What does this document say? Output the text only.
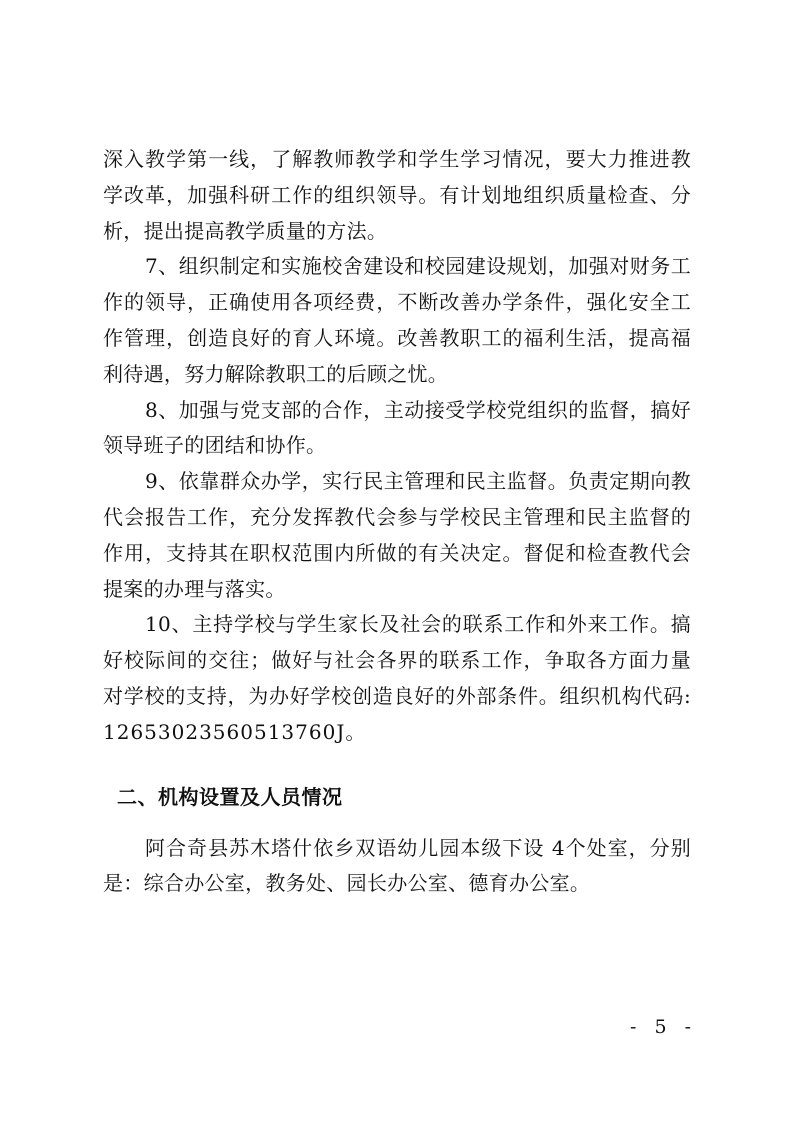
深入教学第一线，了解教师教学和学生学习情况，要大力推进教学改革，加强科研工作的组织领导。有计划地组织质量检查、分析，提出提高教学质量的方法。

7、组织制定和实施校舍建设和校园建设规划，加强对财务工作的领导，正确使用各项经费，不断改善办学条件，强化安全工作管理，创造良好的育人环境。改善教职工的福利生活，提高福利待遇，努力解除教职工的后顾之忧。

8、加强与党支部的合作，主动接受学校党组织的监督，搞好领导班子的团结和协作。

9、依靠群众办学，实行民主管理和民主监督。负责定期向教代会报告工作，充分发挥教代会参与学校民主管理和民主监督的作用，支持其在职权范围内所做的有关决定。督促和检查教代会提案的办理与落实。

10、主持学校与学生家长及社会的联系工作和外来工作。搞好校际间的交往；做好与社会各界的联系工作，争取各方面力量对学校的支持，为办好学校创造良好的外部条件。组织机构代码:12653023560513760J。

二、机构设置及人员情况

阿合奇县苏木塔什依乡双语幼儿园本级下设 4个处室，分别是：综合办公室，教务处、园长办公室、德育办公室。

- 5 -
